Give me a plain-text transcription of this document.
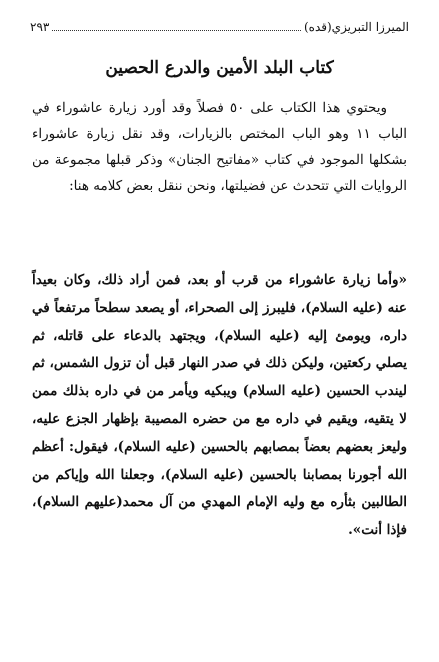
الميرزا التبريزي(قده)
٢٩٣
كتاب البلد الأمين والدرع الحصين

ويحتوي هذا الكتاب على ٥٠ فصلاً وقد أورد زيارة عاشوراء في الباب ١١ وهو الباب المختص بالزيارات، وقد نقل زيارة عاشوراء بشكلها الموجود في كتاب «مفاتيح الجنان» وذكر قبلها مجموعة من الروايات التي تتحدث عن فضيلتها، ونحن ننقل بعض كلامه هنا:

«وأما زيارة عاشوراء من قرب أو بعد، فمن أراد ذلك، وكان بعيداً عنه (عليه السلام)، فليبرز إلى الصحراء، أو يصعد سطحاً مرتفعاً في داره، ويومئ إليه (عليه السلام)، ويجتهد بالدعاء على قاتله، ثم يصلي ركعتين، وليكن ذلك في صدر النهار قبل أن تزول الشمس، ثم ليندب الحسين (عليه السلام) ويبكيه ويأمر من في داره بذلك ممن لا يتقيه، ويقيم في داره مع من حضره المصيبة بإظهار الجزع عليه، وليعز بعضهم بعضاً بمصابهم بالحسين (عليه السلام)، فيقول: أعظم الله أجورنا بمصابنا بالحسين (عليه السلام)، وجعلنا الله وإياكم من الطالبين بثأره مع وليه الإمام المهدي من آل محمد(عليهم السلام)، فإذا أنت».
